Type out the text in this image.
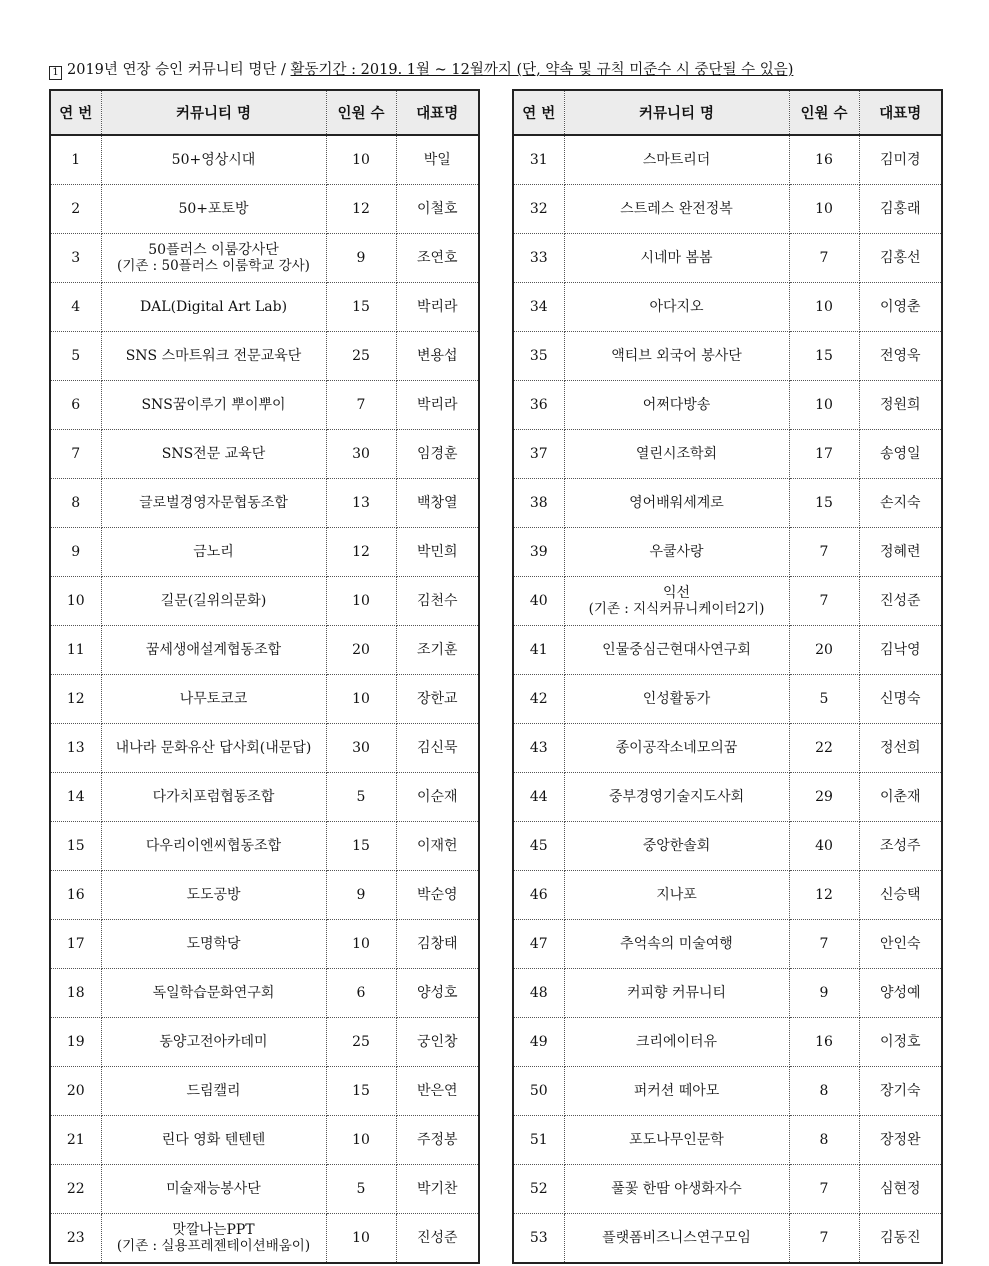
1 2019년 연장 승인 커뮤니티 명단 / 활동기간 : 2019. 1월 ~ 12월까지 (단, 약속 및 규칙 미준수 시 중단될 수 있음)
연 번	커뮤니티 명	인원 수	대표명
1	50+영상시대	10	박일
2	50+포토방	12	이철호
3	50플러스 이룸강사단
(기존 : 50플러스 이룸학교 강사)	9	조연호
4	DAL(Digital Art Lab)	15	박리라
5	SNS 스마트워크 전문교육단	25	변용섭
6	SNS꿈이루기 뿌이뿌이	7	박리라
7	SNS전문 교육단	30	임경훈
8	글로벌경영자문협동조합	13	백창열
9	금노리	12	박민희
10	길문(길위의문화)	10	김천수
11	꿈세생애설계협동조합	20	조기훈
12	나무토코코	10	장한교
13	내나라 문화유산 답사회(내문답)	30	김신묵
14	다가치포럼협동조합	5	이순재
15	다우리이엔씨협동조합	15	이재헌
16	도도공방	9	박순영
17	도명학당	10	김창태
18	독일학습문화연구회	6	양성호
19	동양고전아카데미	25	궁인창
20	드림캘리	15	반은연
21	린다 영화 텐텐텐	10	주정봉
22	미술재능봉사단	5	박기찬
23	맛깔나는PPT
(기존 : 실용프레젠테이션배움이)	10	진성준
연 번	커뮤니티 명	인원 수	대표명
31	스마트리더	16	김미경
32	스트레스 완전정복	10	김홍래
33	시네마 봄봄	7	김홍선
34	아다지오	10	이영춘
35	액티브 외국어 봉사단	15	전영욱
36	어쩌다방송	10	정원희
37	열린시조학회	17	송영일
38	영어배워세계로	15	손지숙
39	우쿨사랑	7	정혜련
40	익선
(기존 : 지식커뮤니케이터2기)	7	진성준
41	인물중심근현대사연구회	20	김낙영
42	인성활동가	5	신명숙
43	종이공작소네모의꿈	22	정선희
44	중부경영기술지도사회	29	이춘재
45	중앙한솔회	40	조성주
46	지나포	12	신승택
47	추억속의 미술여행	7	안인숙
48	커피향 커뮤니티	9	양성예
49	크리에이터유	16	이정호
50	퍼커션 떼아모	8	장기숙
51	포도나무인문학	8	장정완
52	풀꽃 한땀 야생화자수	7	심현정
53	플랫폼비즈니스연구모임	7	김동진
